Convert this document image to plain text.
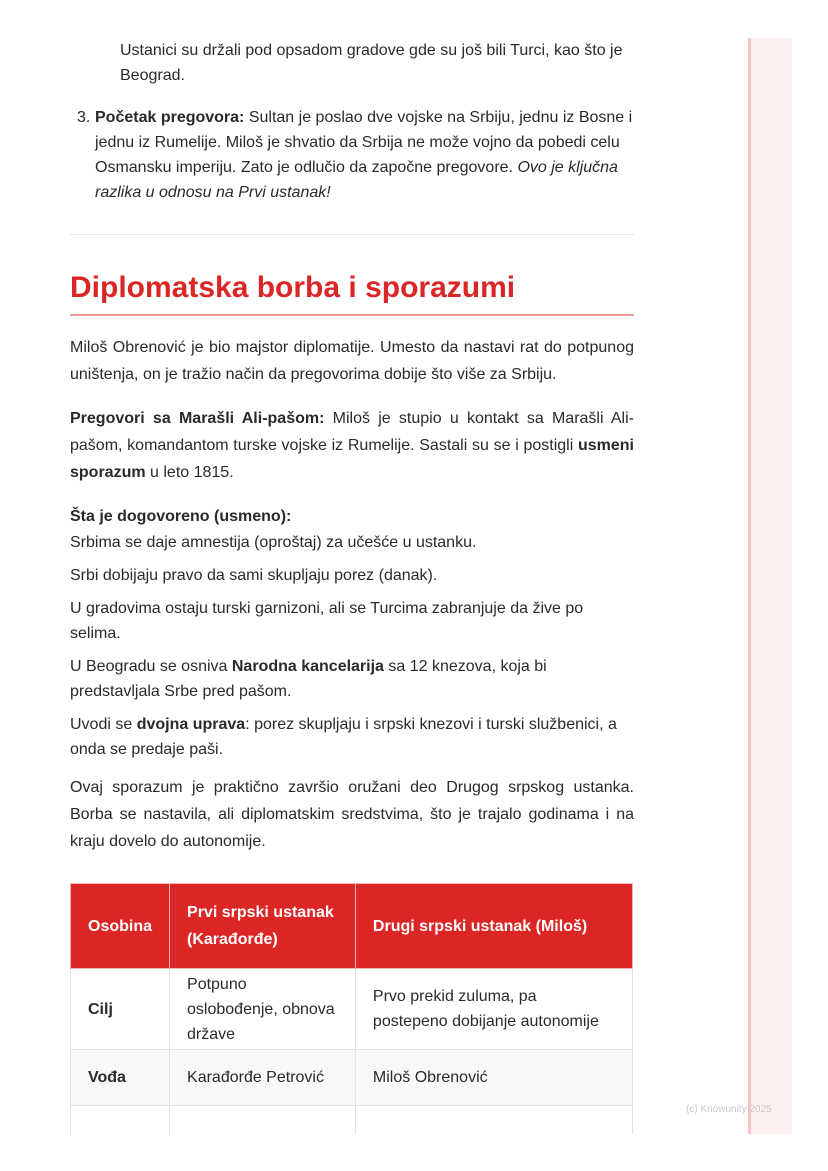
Ustanici su držali pod opsadom gradove gde su još bili Turci, kao što je Beograd.
3. Početak pregovora: Sultan je poslao dve vojske na Srbiju, jednu iz Bosne i jednu iz Rumelije. Miloš je shvatio da Srbija ne može vojno da pobedi celu Osmansku imperiju. Zato je odlučio da započne pregovore. Ovo je ključna razlika u odnosu na Prvi ustanak!
Diplomatska borba i sporazumi

Miloš Obrenović je bio majstor diplomatije. Umesto da nastavi rat do potpunog uništenja, on je tražio način da pregovorima dobije što više za Srbiju.

Pregovori sa Marašli Ali-pašom: Miloš je stupio u kontakt sa Marašli Ali-pašom, komandantom turske vojske iz Rumelije. Sastali su se i postigli usmeni sporazum u leto 1815.

Šta je dogovoreno (usmeno):

Srbima se daje amnestija (oproštaj) za učešće u ustanku.
Srbi dobijaju pravo da sami skupljaju porez (danak).
U gradovima ostaju turski garnizoni, ali se Turcima zabranjuje da žive po selima.
U Beogradu se osniva Narodna kancelarija sa 12 knezova, koja bi predstavljala Srbe pred pašom.
Uvodi se dvojna uprava: porez skupljaju i srpski knezovi i turski službenici, a onda se predaje paši.

Ovaj sporazum je praktično završio oružani deo Drugog srpskog ustanka. Borba se nastavila, ali diplomatskim sredstvima, što je trajalo godinama i na kraju dovelo do autonomije.

Osobina	Prvi srpski ustanak (Karađorđe)	Drugi srpski ustanak (Miloš)
Cilj	Potpuno oslobođenje, obnova države	Prvo prekid zuluma, pa postepeno dobijanje autonomije
Vođa	Karađorđe Petrović	Miloš Obrenović

(c) Knowunity 2025
